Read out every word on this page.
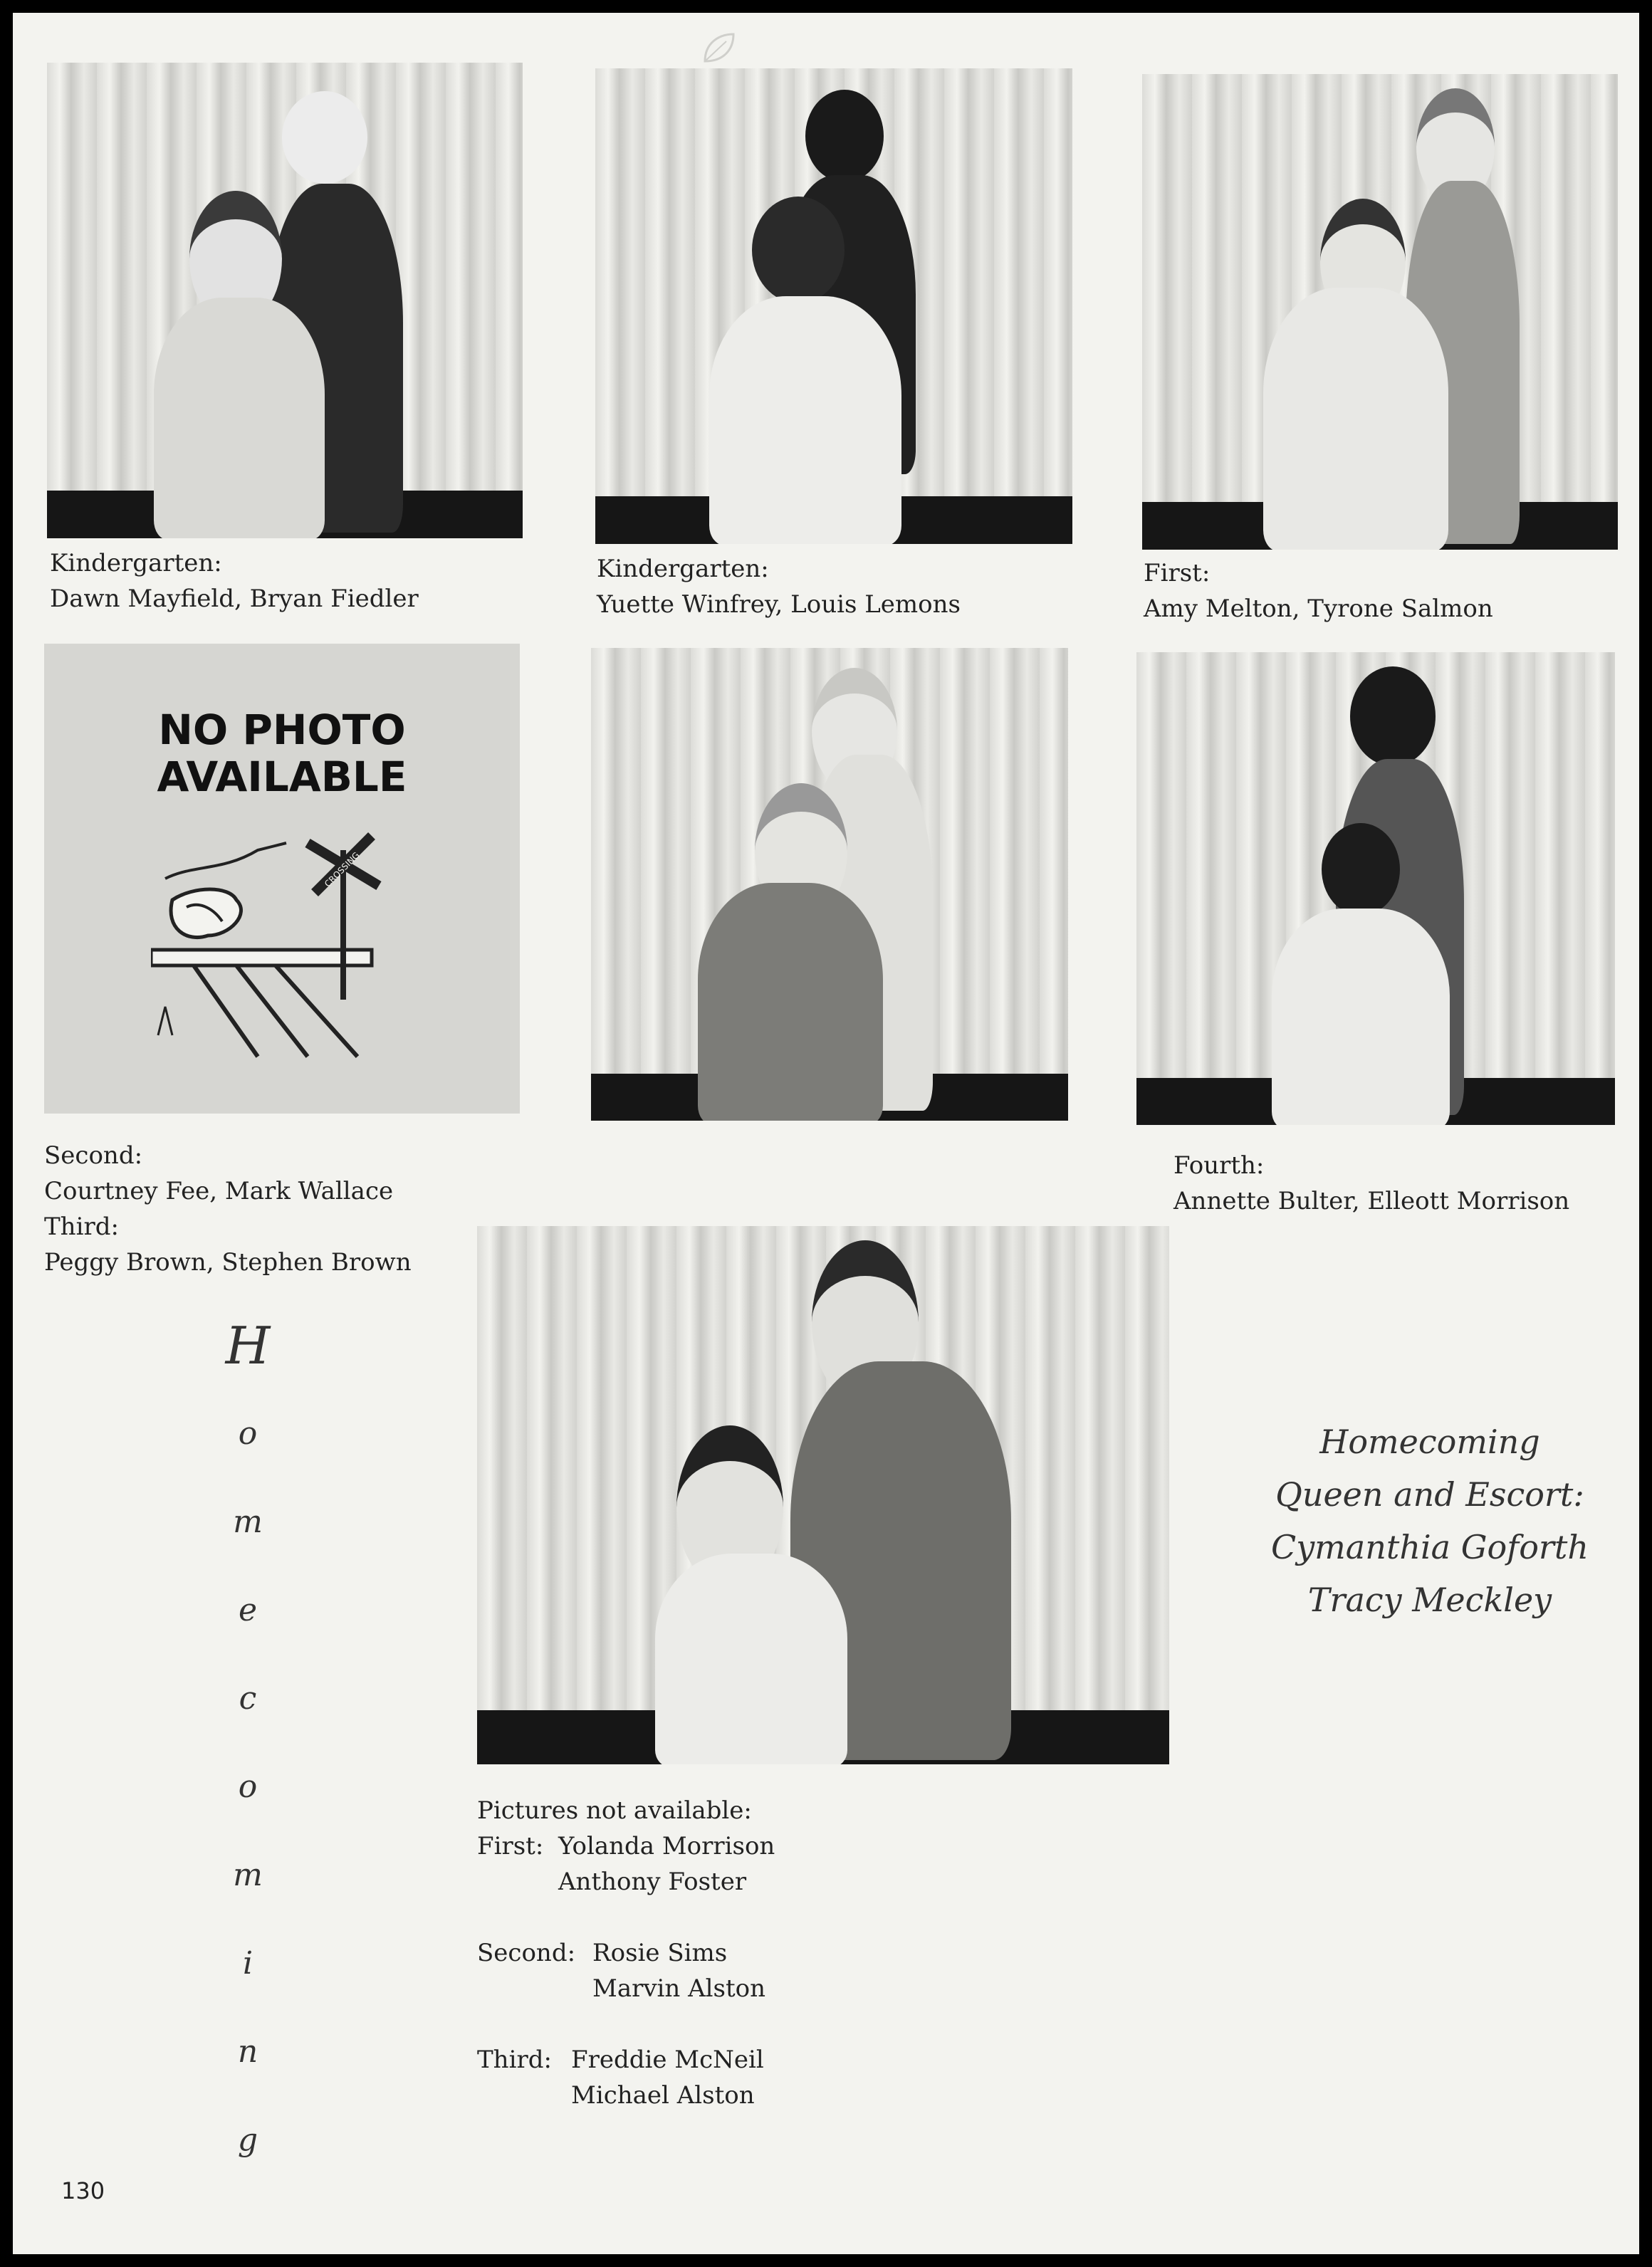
Kindergarten:
Dawn Mayfield, Bryan Fiedler
Kindergarten:
Yuette Winfrey, Louis Lemons
First:
Amy Melton, Tyrone Salmon
NO PHOTO
AVAILABLE
CROSSING
Second:
Courtney Fee, Mark Wallace
Third:
Peggy Brown, Stephen Brown
Fourth:
Annette Bulter, Elleott Morrison
H
o
m
e
c
o
m
i
n
g
Homecoming
Queen and Escort:
Cymanthia Goforth
Tracy Meckley
Pictures not available:
First: Yolanda Morrison
Anthony Foster
Second: Rosie Sims
Marvin Alston
Third: Freddie McNeil
Michael Alston
130
